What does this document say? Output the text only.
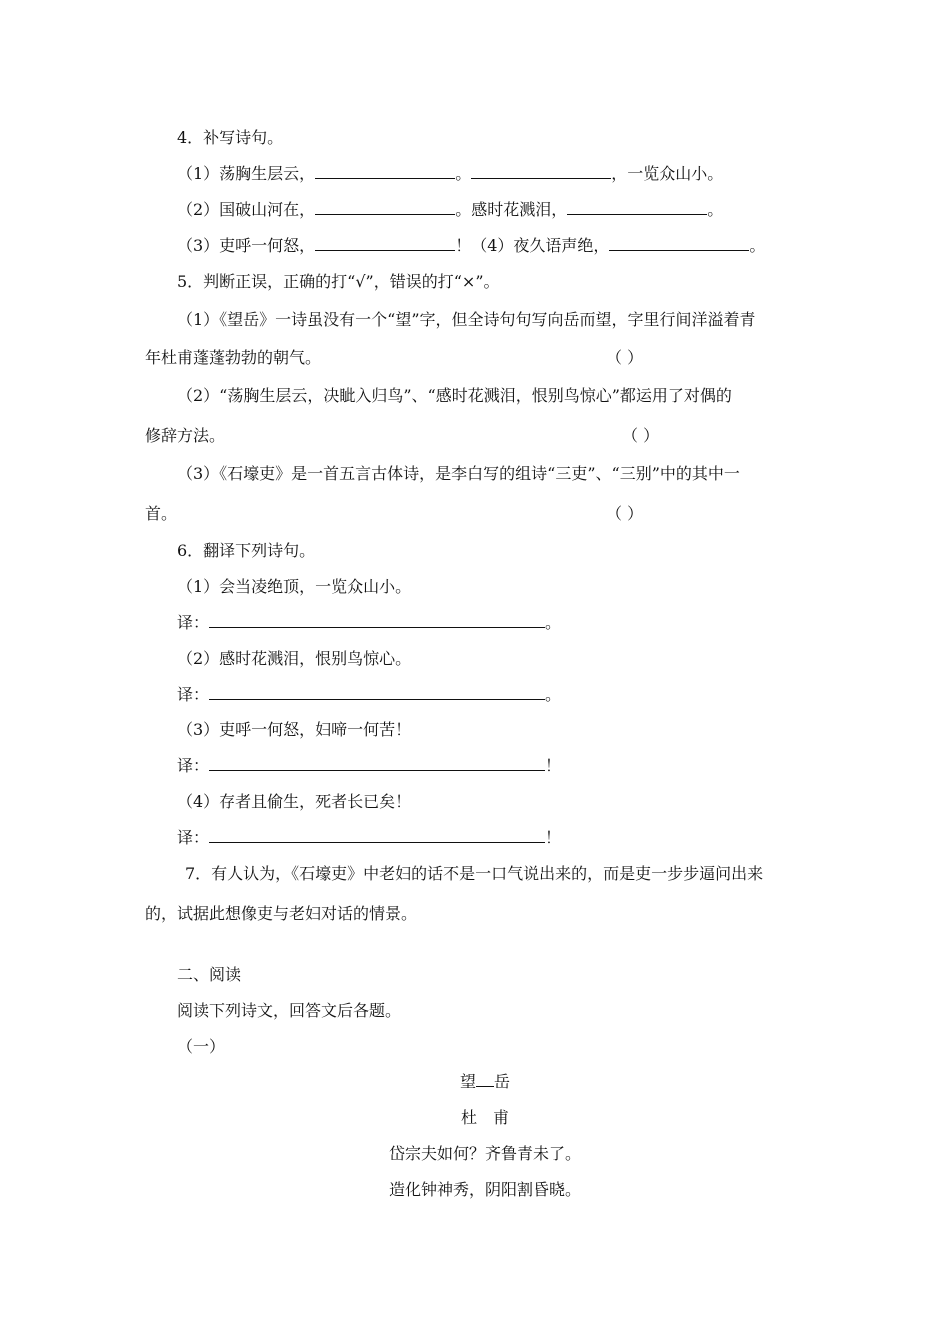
4．补写诗句。
（1）荡胸生层云，	。	，一览众山小。
（2）国破山河在，	。感时花溅泪，	。
（3）吏呼一何怒，	！（4）夜久语声绝，	。
5．判断正误，正确的打“√”，错误的打“×”。
（1）《望岳》一诗虽没有一个“望”字，但全诗句句写向岳而望，字里行间洋溢着青
年杜甫蓬蓬勃勃的朝气。	（ ）
（2）“荡胸生层云，决眦入归鸟”、“感时花溅泪，恨别鸟惊心”都运用了对偶的
修辞方法。	（ ）
（3）《石壕吏》是一首五言古体诗，是李白写的组诗“三吏”、“三别”中的其中一
首。	（ ）
6．翻译下列诗句。
（1）会当凌绝顶，一览众山小。
译：	。
（2）感时花溅泪，恨别鸟惊心。
译：	。
（3）吏呼一何怒，妇啼一何苦！
译：	！
（4）存者且偷生，死者长已矣！
译：	！
7．有人认为，《石壕吏》中老妇的话不是一口气说出来的，而是吏一步步逼问出来
的，试据此想像吏与老妇对话的情景。
二、阅读
阅读下列诗文，回答文后各题。
（一）
望 岳
杜　甫
岱宗夫如何？齐鲁青未了。
造化钟神秀，阴阳割昏晓。
